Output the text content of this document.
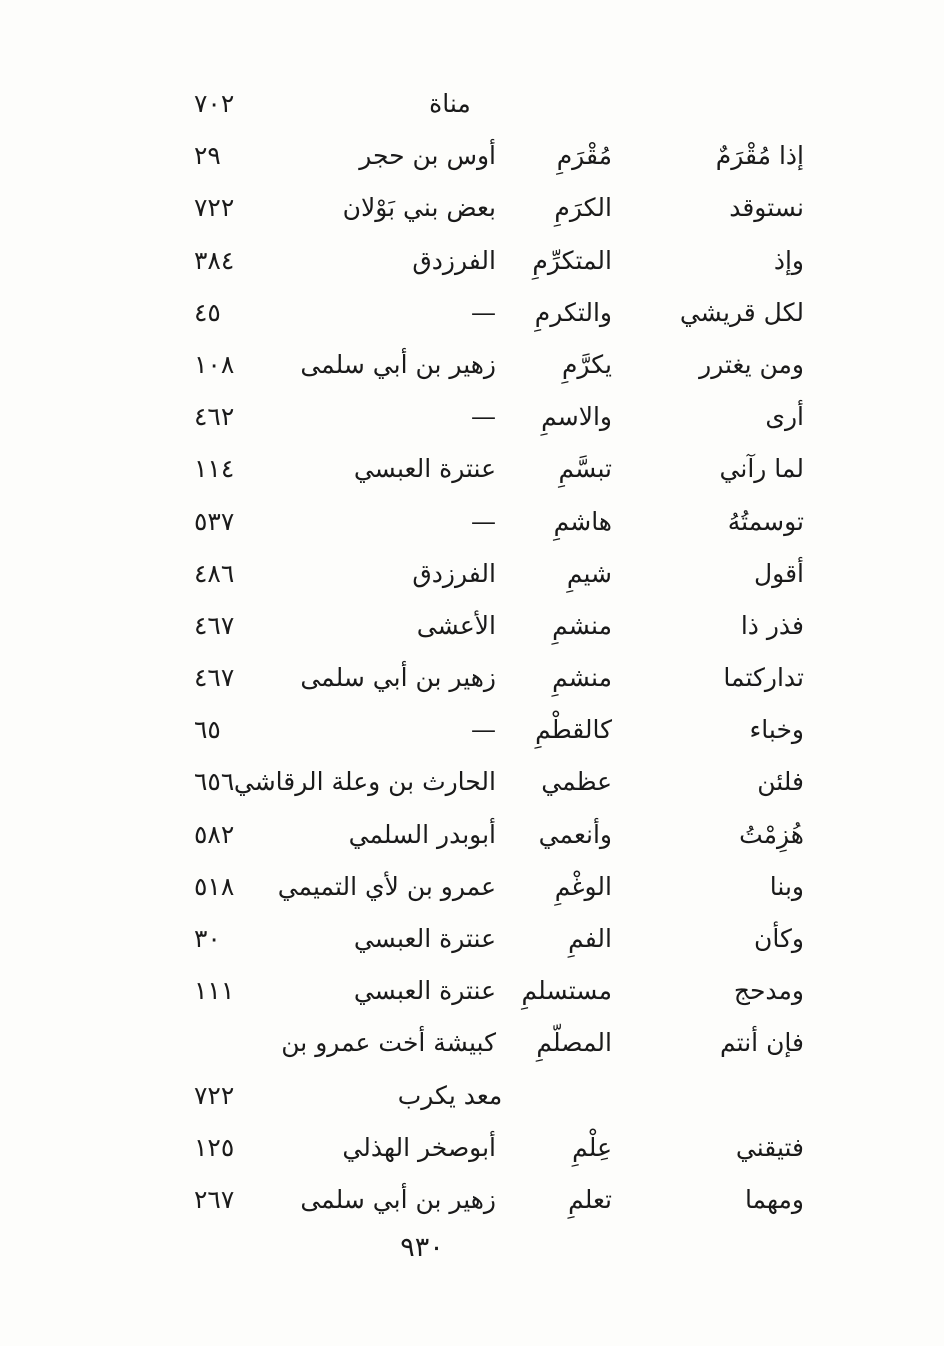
مناة
٧٠٢
إذا مُقْرَمٌ
مُقْرَمِ
أوس بن حجر
٢٩
نستوقد
الكرَمِ
بعض بني بَوْلان
٧٢٢
وإذ
المتكرِّمِ
الفرزدق
٣٨٤
لكل قريشي
والتكرمِ
—
٤٥
ومن يغترر
يكرَّمِ
زهير بن أبي سلمى
١٠٨
أرى
والاسمِ
—
٤٦٢
لما رآني
تبسَّمِ
عنترة العبسي
١١٤
توسمتُهُ
هاشمِ
—
٥٣٧
أقول
شيمِ
الفرزدق
٤٨٦
فذر ذا
منشمِ
الأعشى
٤٦٧
تداركتما
منشمِ
زهير بن أبي سلمى
٤٦٧
وخباء
كالقطْمِ
—
٦٥
فلئن
عظمي
الحارث بن وعلة الرقاشي
٦٥٦
هُزِمْتُ
وأنعمي
أبوبدر السلمي
٥٨٢
وبنا
الوغْمِ
عمرو بن لأي التميمي
٥١٨
وكأن
الفمِ
عنترة العبسي
٣٠
ومدحج
مستسلمِ
عنترة العبسي
١١١
فإن أنتم
المصلّمِ
كبيشة أخت عمرو بن
معد يكرب
٧٢٢
فتيقني
عِلْمِ
أبوصخر الهذلي
١٢٥
ومهما
تعلمِ
زهير بن أبي سلمى
٢٦٧
٩٣٠
